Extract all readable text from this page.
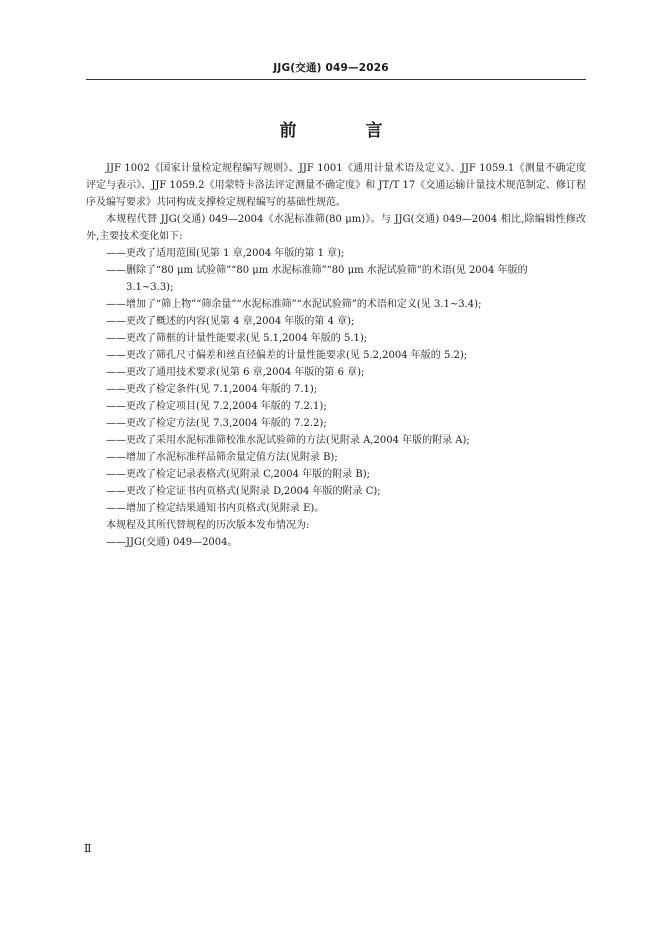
JJG(交通) 049—2026
前　言

JJF 1002《国家计量检定规程编写规则》、JJF 1001《通用计量术语及定义》、JJF 1059.1《测量不确定度评定与表示》、JJF 1059.2《用蒙特卡洛法评定测量不确定度》和 JT/T 17《交通运输计量技术规范制定、修订程序及编写要求》共同构成支撑检定规程编写的基础性规范。

本规程代替 JJG(交通) 049—2004《水泥标准筛(80 μm)》。与 JJG(交通) 049—2004 相比,除编辑性修改外,主要技术变化如下:

——更改了适用范围(见第 1 章,2004 年版的第 1 章);
——删除了“80 μm 试验筛”“80 μm 水泥标准筛”“80 μm 水泥试验筛”的术语(见 2004 年版的
3.1~3.3);
——增加了“筛上物”“筛余量”“水泥标准筛”“水泥试验筛”的术语和定义(见 3.1~3.4);
——更改了概述的内容(见第 4 章,2004 年版的第 4 章);
——更改了筛框的计量性能要求(见 5.1,2004 年版的 5.1);
——更改了筛孔尺寸偏差和丝直径偏差的计量性能要求(见 5.2,2004 年版的 5.2);
——更改了通用技术要求(见第 6 章,2004 年版的第 6 章);
——更改了检定条件(见 7.1,2004 年版的 7.1);
——更改了检定项目(见 7.2,2004 年版的 7.2.1);
——更改了检定方法(见 7.3,2004 年版的 7.2.2);
——更改了采用水泥标准筛校准水泥试验筛的方法(见附录 A,2004 年版的附录 A);
——增加了水泥标准样品筛余量定值方法(见附录 B);
——更改了检定记录表格式(见附录 C,2004 年版的附录 B);
——更改了检定证书内页格式(见附录 D,2004 年版的附录 C);
——增加了检定结果通知书内页格式(见附录 E)。

本规程及其所代替规程的历次版本发布情况为:

——JJG(交通) 049—2004。
Ⅱ
